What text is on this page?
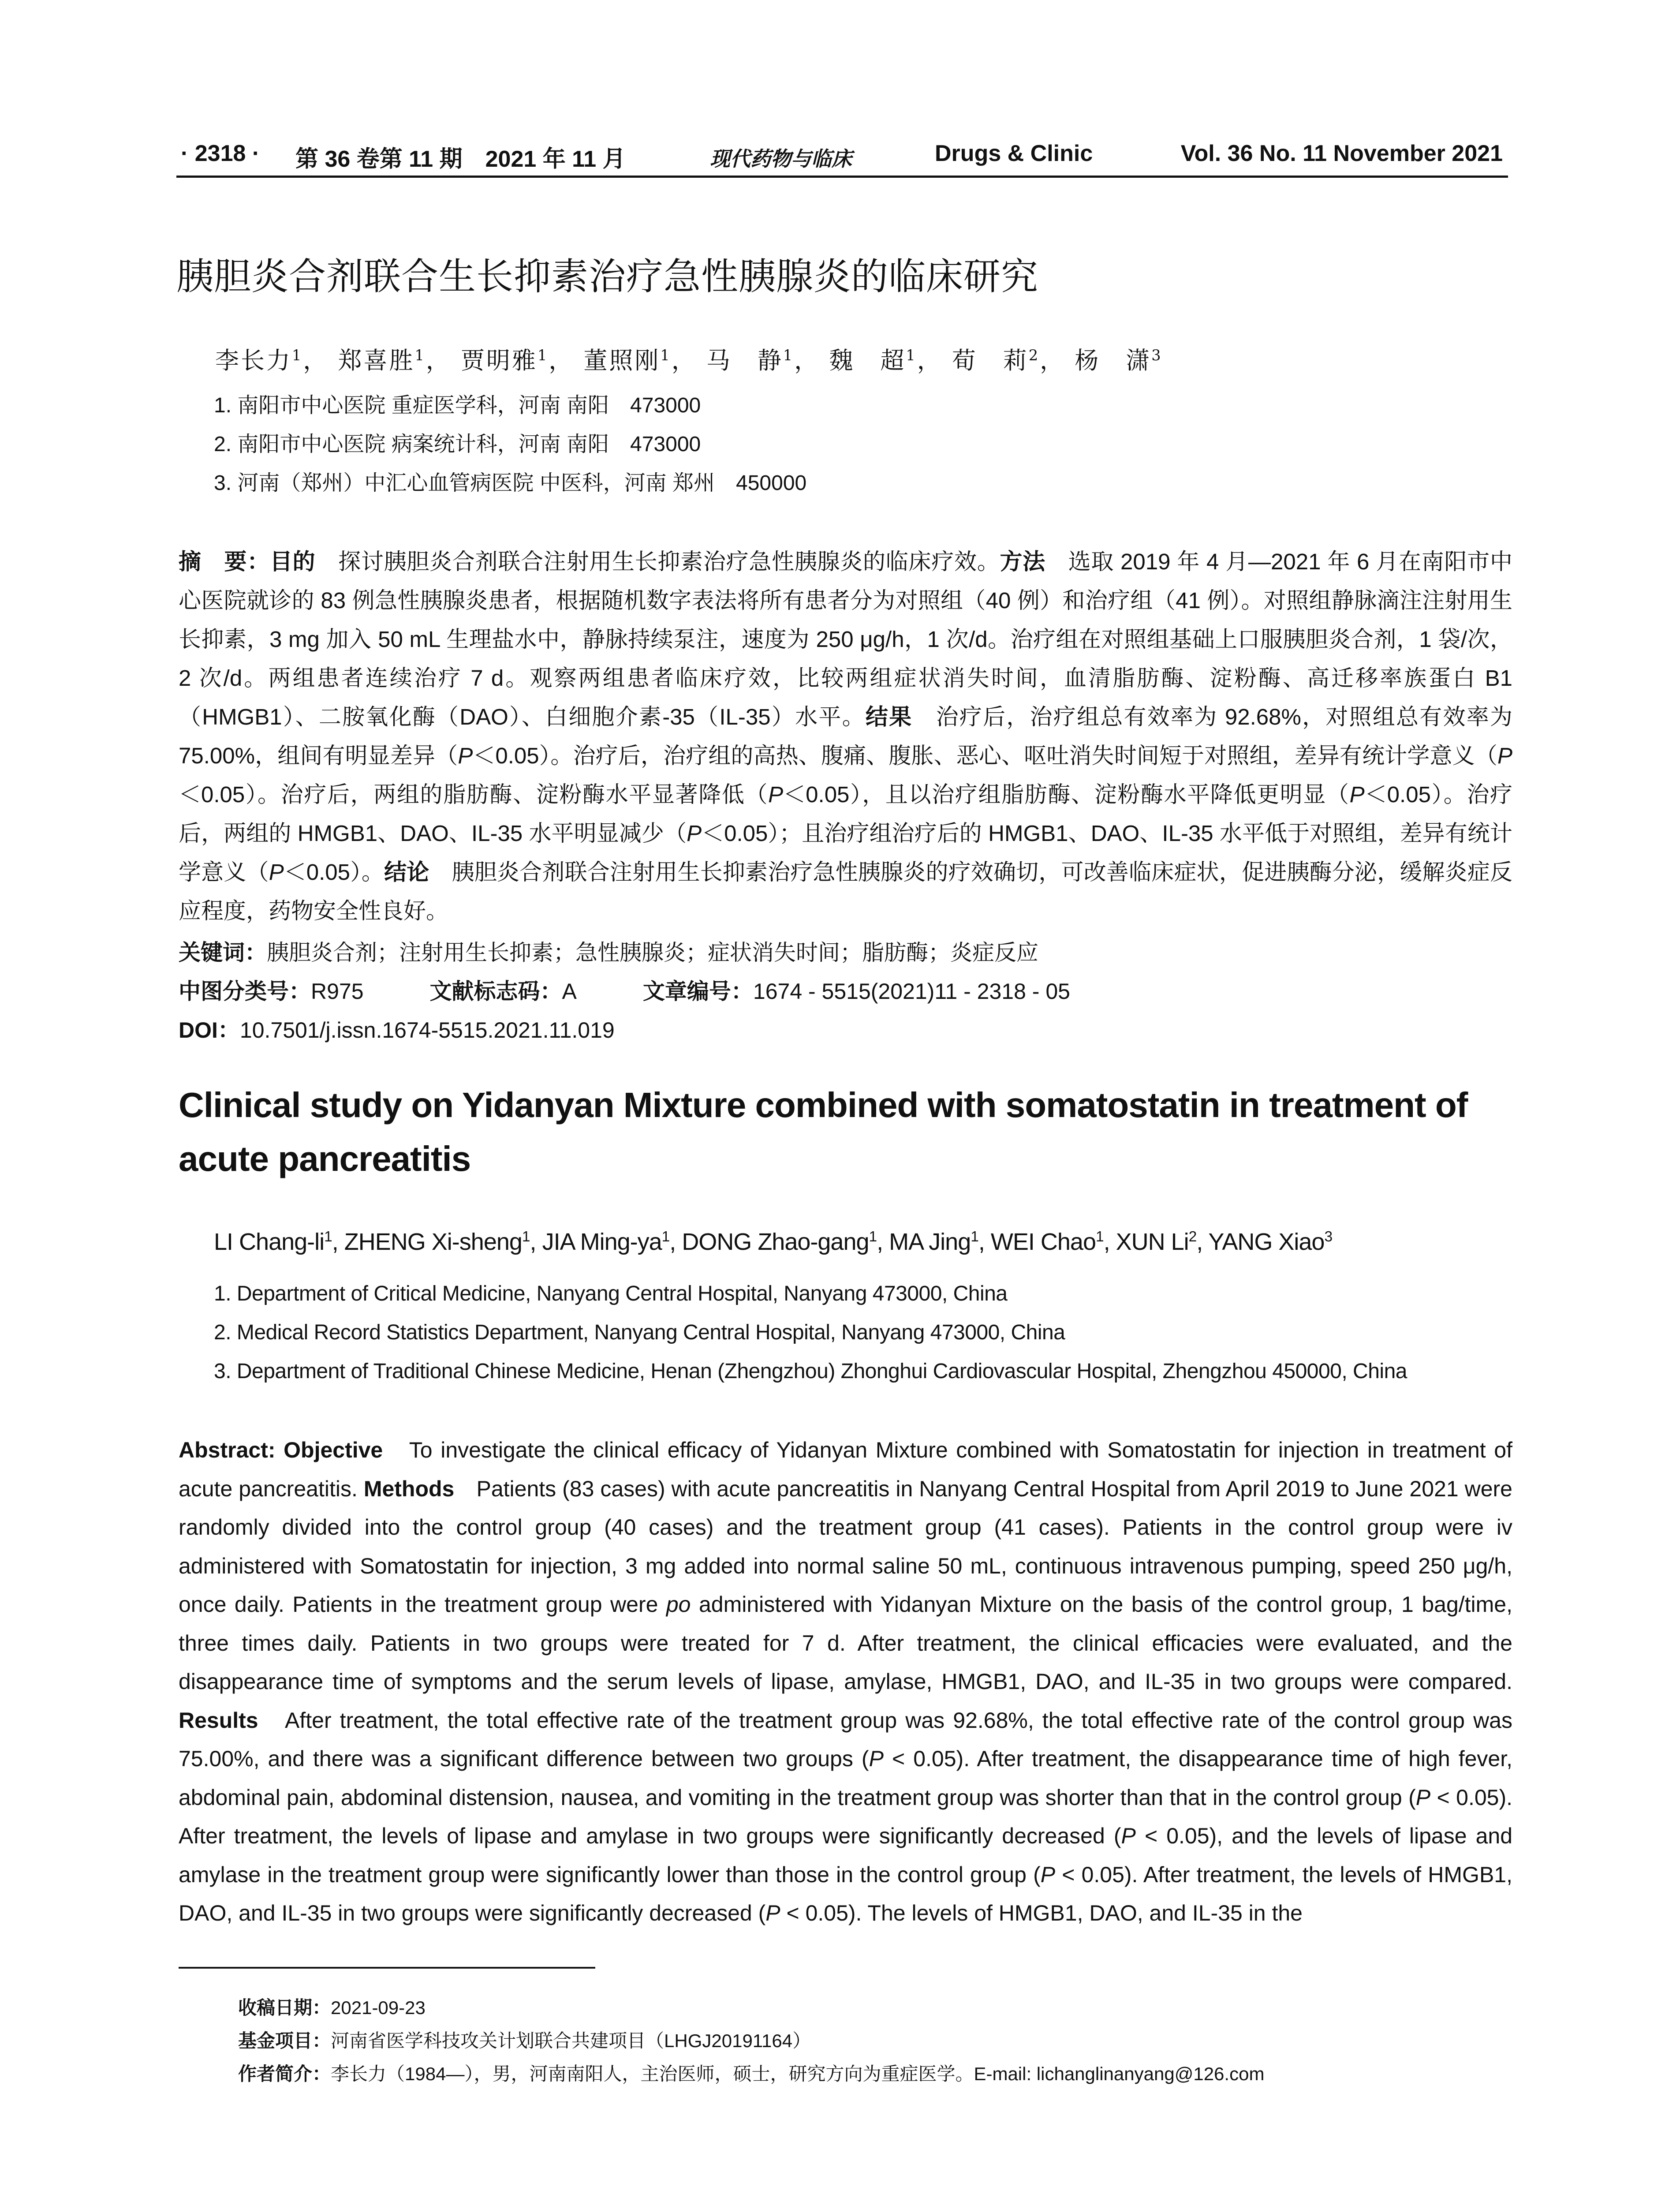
· 2318 · 第 36 卷第 11 期　2021 年 11 月	现代药物与临床	Drugs & Clinic	Vol. 36 No. 11 November 2021
胰胆炎合剂联合生长抑素治疗急性胰腺炎的临床研究
李长力$^1$， 郑喜胜$^1$， 贾明雅$^1$， 董照刚$^1$， 马　静$^1$， 魏　超$^1$， 荀　莉$^2$， 杨　潇$^3$
1. 南阳市中心医院 重症医学科，河南 南阳　473000
2. 南阳市中心医院 病案统计科，河南 南阳　473000
3. 河南（郑州）中汇心血管病医院 中医科，河南 郑州　450000

摘　要：目的　探讨胰胆炎合剂联合注射用生长抑素治疗急性胰腺炎的临床疗效。方法　选取 2019 年 4 月—2021 年 6 月在南阳市中心医院就诊的 83 例急性胰腺炎患者，根据随机数字表法将所有患者分为对照组（40 例）和治疗组（41 例）。对照组静脉滴注注射用生长抑素，3 mg 加入 50 mL 生理盐水中，静脉持续泵注，速度为 250 μg/h，1 次/d。治疗组在对照组基础上口服胰胆炎合剂，1 袋/次，2 次/d。两组患者连续治疗 7 d。观察两组患者临床疗效，比较两组症状消失时间，血清脂肪酶、淀粉酶、高迁移率族蛋白 B1（HMGB1）、二胺氧化酶（DAO）、白细胞介素-35（IL-35）水平。结果　治疗后，治疗组总有效率为 92.68%，对照组总有效率为 75.00%，组间有明显差异（P＜0.05）。治疗后，治疗组的高热、腹痛、腹胀、恶心、呕吐消失时间短于对照组，差异有统计学意义（P＜0.05）。治疗后，两组的脂肪酶、淀粉酶水平显著降低（P＜0.05），且以治疗组脂肪酶、淀粉酶水平降低更明显（P＜0.05）。治疗后，两组的 HMGB1、DAO、IL-35 水平明显减少（P＜0.05）；且治疗组治疗后的 HMGB1、DAO、IL-35 水平低于对照组，差异有统计学意义（P＜0.05）。结论　胰胆炎合剂联合注射用生长抑素治疗急性胰腺炎的疗效确切，可改善临床症状，促进胰酶分泌，缓解炎症反应程度，药物安全性良好。

关键词：胰胆炎合剂；注射用生长抑素；急性胰腺炎；症状消失时间；脂肪酶；炎症反应
中图分类号：R975	文献标志码：A	文章编号：1674 - 5515(2021)11 - 2318 - 05
DOI：10.7501/j.issn.1674-5515.2021.11.019
Clinical study on Yidanyan Mixture combined with somatostatin in treatment of acute pancreatitis
LI Chang-$li^1$, ZHENG Xi-sheng$^1$, JIA Ming-$ya^1$, DONG Zhao-gang$^1$, MA Jing$^1$, WEI Chao$^1$, XUN Li$^2$, YANG Xiao$^3$
1. Department of Critical Medicine, Nanyang Central Hospital, Nanyang 473000, China
2. Medical Record Statistics Department, Nanyang Central Hospital, Nanyang 473000, China
3. Department of Traditional Chinese Medicine, Henan (Zhengzhou) Zhonghui Cardiovascular Hospital, Zhengzhou 450000, China

Abstract: Objective　To investigate the clinical efficacy of Yidanyan Mixture combined with Somatostatin for injection in treatment of acute pancreatitis. Methods　Patients (83 cases) with acute pancreatitis in Nanyang Central Hospital from April 2019 to June 2021 were randomly divided into the control group (40 cases) and the treatment group (41 cases). Patients in the control group were iv administered with Somatostatin for injection, 3 mg added into normal saline 50 mL, continuous intravenous pumping, speed 250 μg/h, once daily. Patients in the treatment group were po administered with Yidanyan Mixture on the basis of the control group, 1 bag/time, three times daily. Patients in two groups were treated for 7 d. After treatment, the clinical efficacies were evaluated, and the disappearance time of symptoms and the serum levels of lipase, amylase, HMGB1, DAO, and IL-35 in two groups were compared. Results　After treatment, the total effective rate of the treatment group was 92.68%, the total effective rate of the control group was 75.00%, and there was a significant difference between two groups (P < 0.05). After treatment, the disappearance time of high fever, abdominal pain, abdominal distension, nausea, and vomiting in the treatment group was shorter than that in the control group (P < 0.05). After treatment, the levels of lipase and amylase in two groups were significantly decreased (P < 0.05), and the levels of lipase and amylase in the treatment group were significantly lower than those in the control group (P < 0.05). After treatment, the levels of HMGB1, DAO, and IL-35 in two groups were significantly decreased (P < 0.05). The levels of HMGB1, DAO, and IL-35 in the

收稿日期：2021-09-23
基金项目：河南省医学科技攻关计划联合共建项目（LHGJ20191164）
作者简介：李长力（1984—），男，河南南阳人，主治医师，硕士，研究方向为重症医学。E-mail: lichanglinanyang@126.com
